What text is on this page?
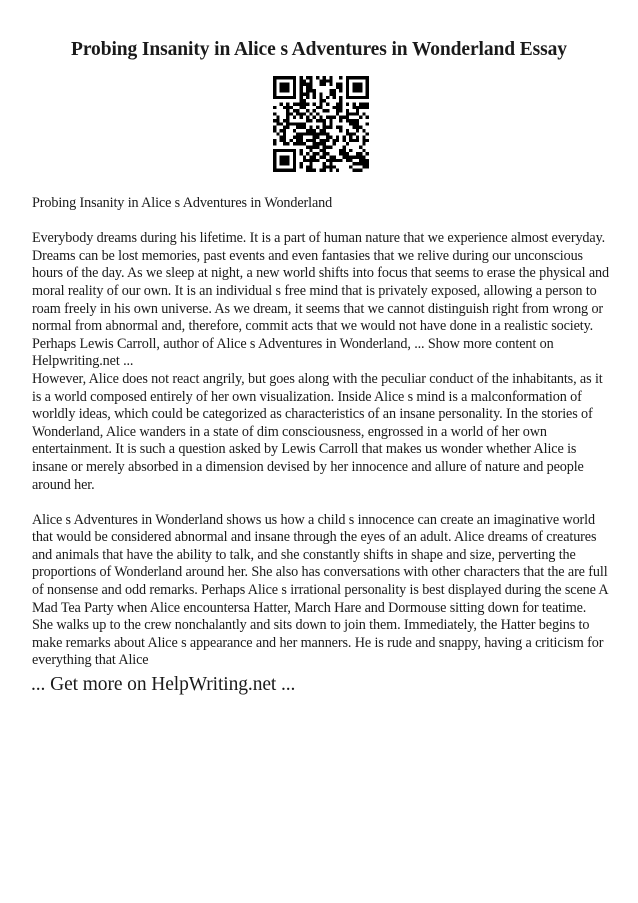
Probing Insanity in Alice s Adventures in Wonderland Essay

Probing Insanity in Alice s Adventures in Wonderland

Everybody dreams during his lifetime. It is a part of human nature that we experience almost everyday. Dreams can be lost memories, past events and even fantasies that we relive during our unconscious hours of the day. As we sleep at night, a new world shifts into focus that seems to erase the physical and moral reality of our own. It is an individual s free mind that is privately exposed, allowing a person to roam freely in his own universe. As we dream, it seems that we cannot distinguish right from wrong or normal from abnormal and, therefore, commit acts that we would not have done in a realistic society. Perhaps Lewis Carroll, author of Alice s Adventures in Wonderland, ... Show more content on Helpwriting.net ...

However, Alice does not react angrily, but goes along with the peculiar conduct of the inhabitants, as it is a world composed entirely of her own visualization. Inside Alice s mind is a malconformation of worldly ideas, which could be categorized as characteristics of an insane personality. In the stories of Wonderland, Alice wanders in a state of dim consciousness, engrossed in a world of her own entertainment. It is such a question asked by Lewis Carroll that makes us wonder whether Alice is insane or merely absorbed in a dimension devised by her innocence and allure of nature and people around her.

Alice s Adventures in Wonderland shows us how a child s innocence can create an imaginative world that would be considered abnormal and insane through the eyes of an adult. Alice dreams of creatures and animals that have the ability to talk, and she constantly shifts in shape and size, perverting the proportions of Wonderland around her. She also has conversations with other characters that the are full of nonsense and odd remarks. Perhaps Alice s irrational personality is best displayed during the scene A Mad Tea Party when Alice encountersa Hatter, March Hare and Dormouse sitting down for teatime. She walks up to the crew nonchalantly and sits down to join them. Immediately, the Hatter begins to make remarks about Alice s appearance and her manners. He is rude and snappy, having a criticism for everything that Alice

... Get more on HelpWriting.net ...
